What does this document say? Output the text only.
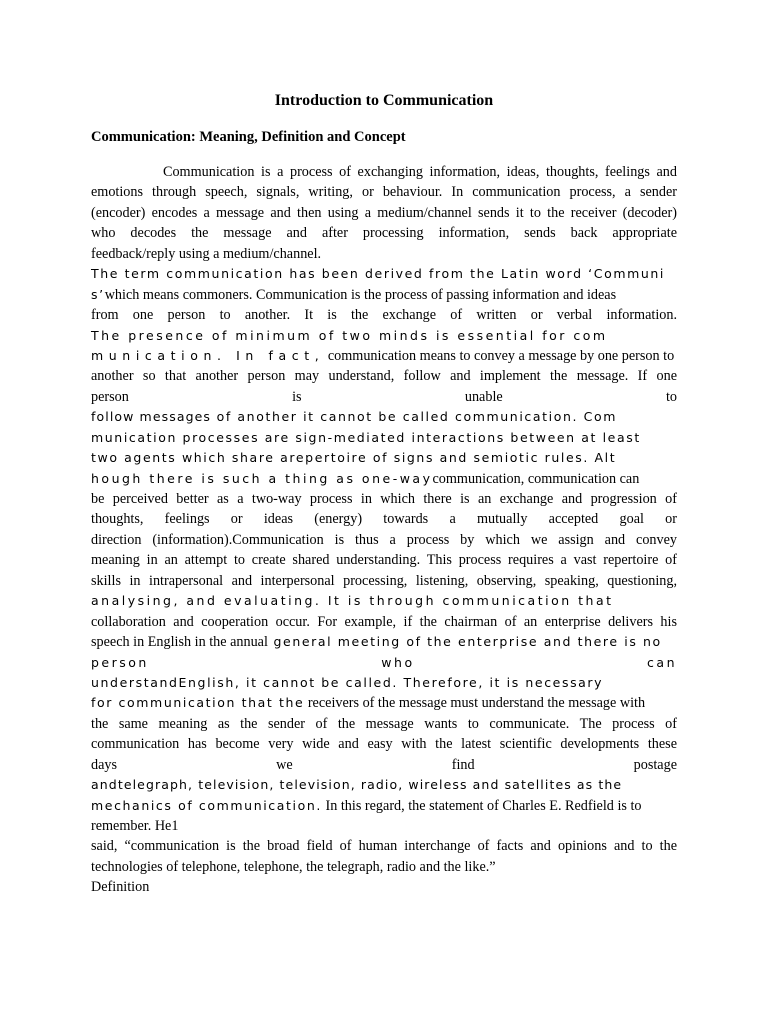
Introduction to Communication
Communication: Meaning, Definition and Concept
Communication is a process of exchanging information, ideas, thoughts, feelings and
emotions through speech, signals, writing, or behaviour. In communication process, a sender
(encoder) encodes a message and then using a medium/channel sends it to the receiver (decoder)
who decodes the message and after processing information, sends back appropriate
feedback/reply using a medium/channel.
The term communication has been derived from the Latin word ‘Communi
s’which means commoners. Communication is the process of passing information and ideas
from one person to another. It is the exchange of written or verbal information.
The presence of minimum of two minds is essential for com
munication. In fact, communication means to convey a message by one person to
another so that another person may understand, follow and implement the message. If one
person is unable to
follow messages of another it cannot be called communication. Com
munication processes are sign-mediated interactions between at least
two agents which share arepertoire of signs and semiotic rules. Alt
hough there is such a thing as one-waycommunication, communication can
be perceived better as a two-way process in which there is an exchange and progression of
thoughts, feelings or ideas (energy) towards a mutually accepted goal or
direction (information).Communication is thus a process by which we assign and convey
meaning in an attempt to create shared understanding. This process requires a vast repertoire of
skills in intrapersonal and interpersonal processing, listening, observing, speaking, questioning,
analysing, and evaluating. It is through communication that
collaboration and cooperation occur. For example, if the chairman of an enterprise delivers his
speech in English in the annual general meeting of the enterprise and there is no
person who can
understandEnglish, it cannot be called. Therefore, it is necessary
for communication that the receivers of the message must understand the message with
the same meaning as the sender of the message wants to communicate. The process of
communication has become very wide and easy with the latest scientific developments these
days we find postage
andtelegraph, television, television, radio, wireless and satellites as the
mechanics of communication. In this regard, the statement of Charles E. Redfield is to
remember. He1
said, “communication is the broad field of human interchange of facts and opinions and to the
technologies of telephone, telephone, the telegraph, radio and the like.”
Definition
